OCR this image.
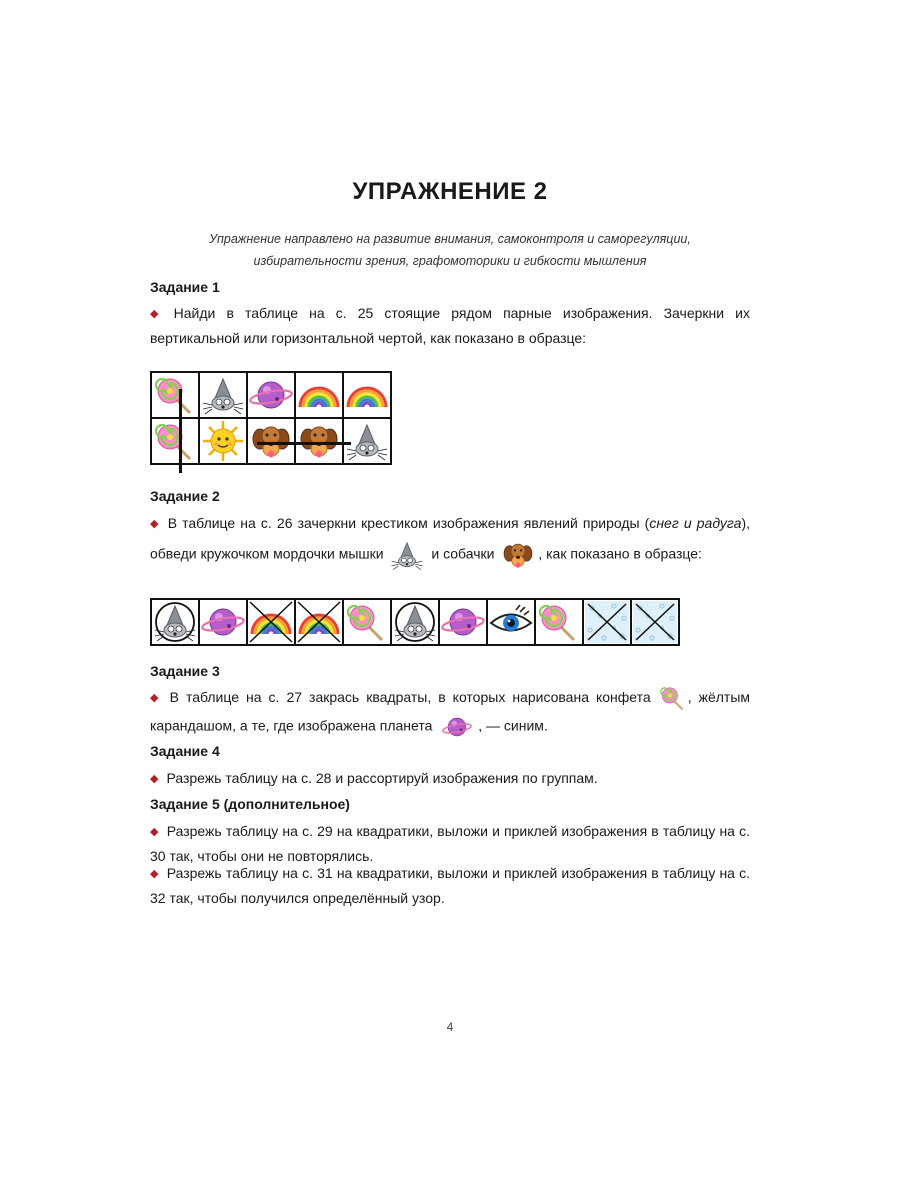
УПРАЖНЕНИЕ 2

Упражнение направлено на развитие внимания, самоконтроля и саморегуляции,
избирательности зрения, графомоторики и гибкости мышления

Задание 1

◆ Найди в таблице на с. 25 стоящие рядом парные изображения. Зачеркни их вертикальной или горизонтальной чертой, как показано в образце:

Задание 2

◆ В таблице на с. 26 зачеркни крестиком изображения явлений природы (снег и радуга), обведи кружочком мордочки мышки	и собачки	, как показано в образце:

Задание 3

◆ В таблице на с. 27 закрась квадраты, в которых нарисована конфета , жёлтым карандашом, а те, где изображена планета	, — синим.

Задание 4

◆ Разрежь таблицу на с. 28 и рассортируй изображения по группам.

Задание 5 (дополнительное)

◆ Разрежь таблицу на с. 29 на квадратики, выложи и приклей изображения в таблицу на с. 30 так, чтобы они не повторялись.

◆ Разрежь таблицу на с. 31 на квадратики, выложи и приклей изображения в таблицу на с. 32 так, чтобы получился определённый узор.

4
